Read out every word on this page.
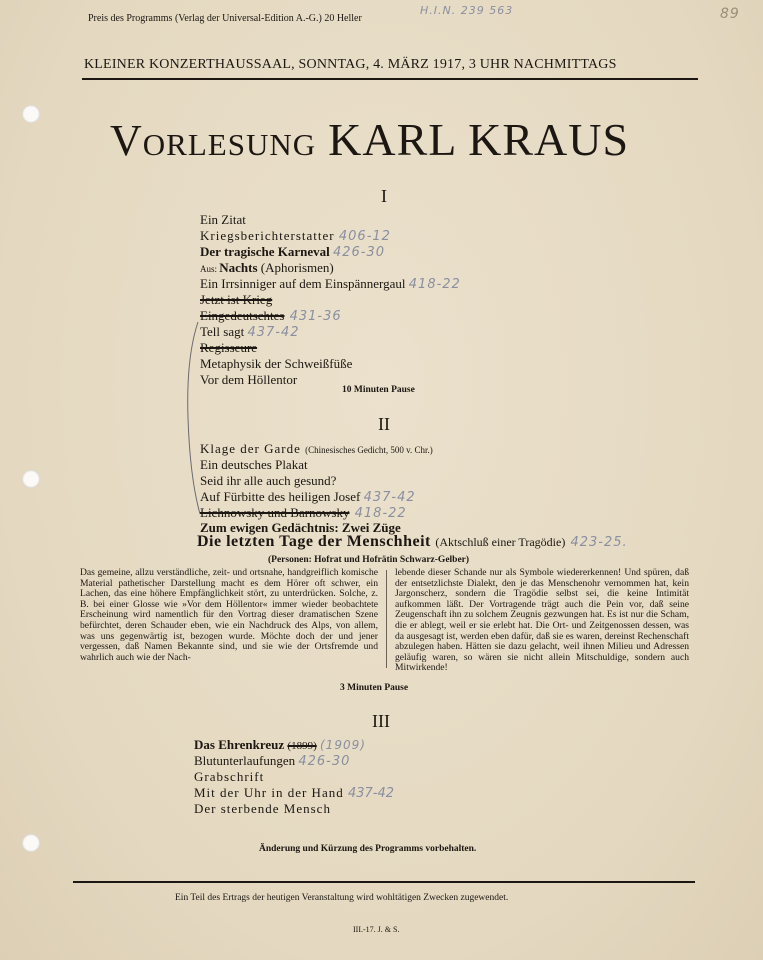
Preis des Programms (Verlag der Universal-Edition A.-G.) 20 Heller
H.I.N. 239 563	89
KLEINER KONZERTHAUSSAAL, SONNTAG, 4. MÄRZ 1917, 3 UHR NACHMITTAGS
Vorlesung KARL KRAUS
I
Ein Zitat
Kriegsberichterstatter 406-12
Der tragische Karneval 426-30
Aus: Nachts (Aphorismen)
Ein Irrsinniger auf dem Einspännergaul 418-22
Jetzt ist Krieg
Eingedeutschtes 431-36
Tell sagt 437-42
Regisseure
Metaphysik der Schweißfüße
Vor dem Höllentor
10 Minuten Pause
II
Klage der Garde (Chinesisches Gedicht, 500 v. Chr.)
Ein deutsches Plakat
Seid ihr alle auch gesund?
Auf Fürbitte des heiligen Josef 437-42
Lichnowsky und Barnowsky 418-22
Zum ewigen Gedächtnis: Zwei Züge
Die letzten Tage der Menschheit (Aktschluß einer Tragödie) 423-25.
(Personen: Hofrat und Hofrätin Schwarz-Gelber)
Das gemeine, allzu verständliche, zeit- und ortsnahe, handgreiflich komische Material pathetischer Darstellung macht es dem Hörer oft schwer, ein Lachen, das eine höhere Empfänglichkeit stört, zu unterdrücken. Solche, z. B. bei einer Glosse wie »Vor dem Höllentor« immer wieder beobachtete Erscheinung wird namentlich für den Vortrag dieser dramatischen Szene befürchtet, deren Schauder eben, wie ein Nachdruck des Alps, von allem, was uns gegenwärtig ist, bezogen wurde. Möchte doch der und jener vergessen, daß Namen Bekannte sind, und sie wie der Ortsfremde und wahrlich auch wie der Nach-
lebende dieser Schande nur als Symbole wiedererkennen! Und spüren, daß der entsetzlichste Dialekt, den je das Menschenohr vernommen hat, kein Jargonscherz, sondern die Tragödie selbst sei, die keine Intimität aufkommen läßt. Der Vortragende trägt auch die Pein vor, daß seine Zeugenschaft ihn zu solchem Zeugnis gezwungen hat. Es ist nur die Scham, die er ablegt, weil er sie erlebt hat. Die Ort- und Zeitgenossen dessen, was da ausgesagt ist, werden eben dafür, daß sie es waren, dereinst Rechenschaft abzulegen haben. Hätten sie dazu gelacht, weil ihnen Milieu und Adressen geläufig waren, so wären sie nicht allein Mitschuldige, sondern auch Mitwirkende!
3 Minuten Pause
III
Das Ehrenkreuz (1899) (1909)
Blutunterlaufungen 426-30
Grabschrift
Mit der Uhr in der Hand 437-42
Der sterbende Mensch
Änderung und Kürzung des Programms vorbehalten.
Ein Teil des Ertrags der heutigen Veranstaltung wird wohltätigen Zwecken zugewendet.
III.-17. J. & S.
